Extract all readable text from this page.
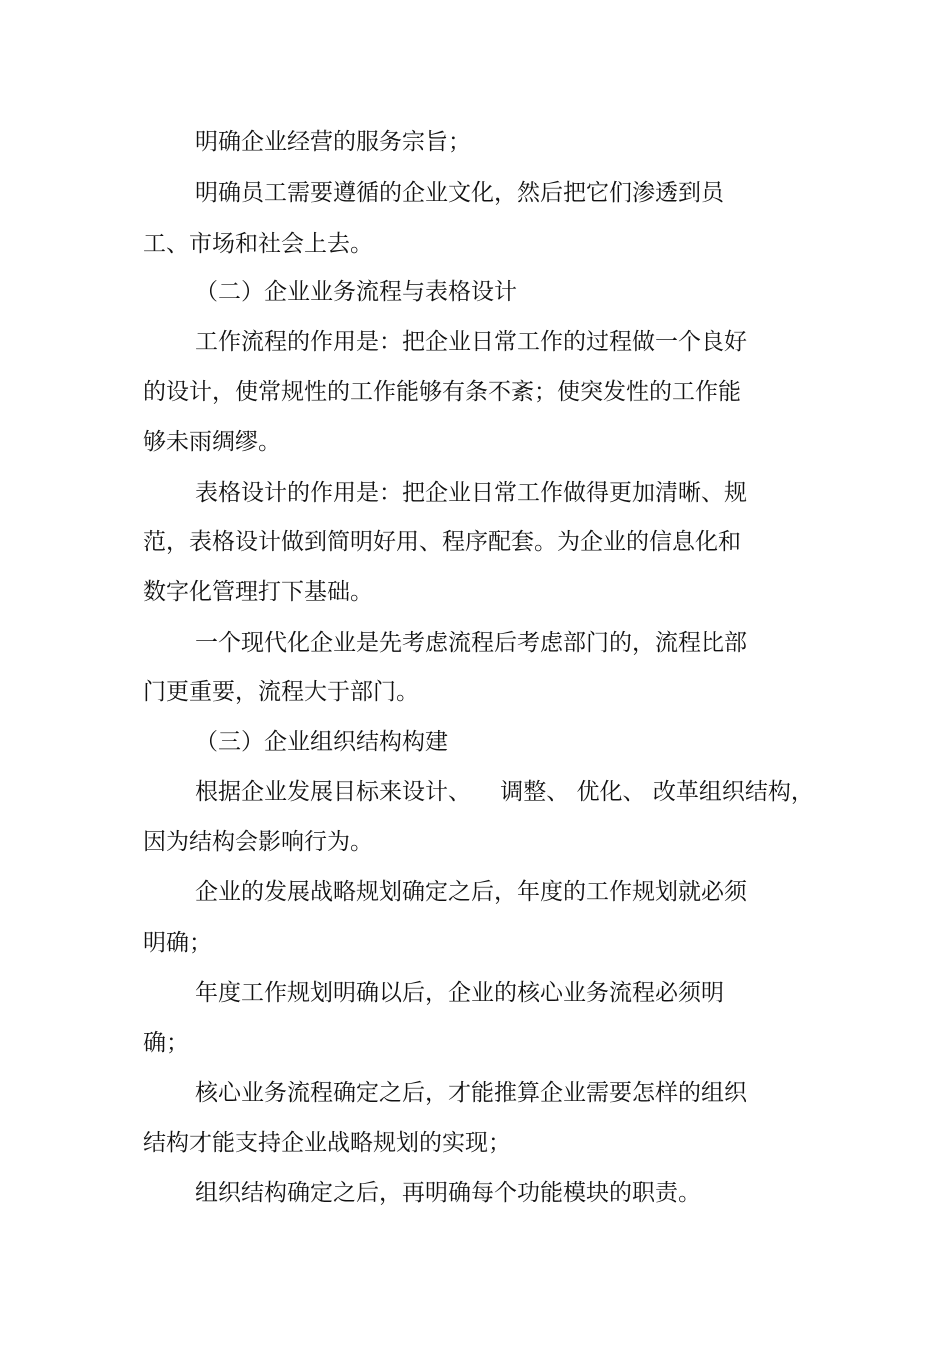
明确企业经营的服务宗旨；
明确员工需要遵循的企业文化，然后把它们渗透到员
工、市场和社会上去。
（二）企业业务流程与表格设计
工作流程的作用是：把企业日常工作的过程做一个良好
的设计，使常规性的工作能够有条不紊；使突发性的工作能
够未雨绸缪。
表格设计的作用是：把企业日常工作做得更加清晰、规
范，表格设计做到简明好用、程序配套。为企业的信息化和
数字化管理打下基础。
一个现代化企业是先考虑流程后考虑部门的，流程比部
门更重要，流程大于部门。
（三）企业组织结构构建
根据企业发展目标来设计、    调整、 优化、 改革组织结构，
因为结构会影响行为。
企业的发展战略规划确定之后，年度的工作规划就必须
明确；
年度工作规划明确以后，企业的核心业务流程必须明
确；
核心业务流程确定之后，才能推算企业需要怎样的组织
结构才能支持企业战略规划的实现；
组织结构确定之后，再明确每个功能模块的职责。
